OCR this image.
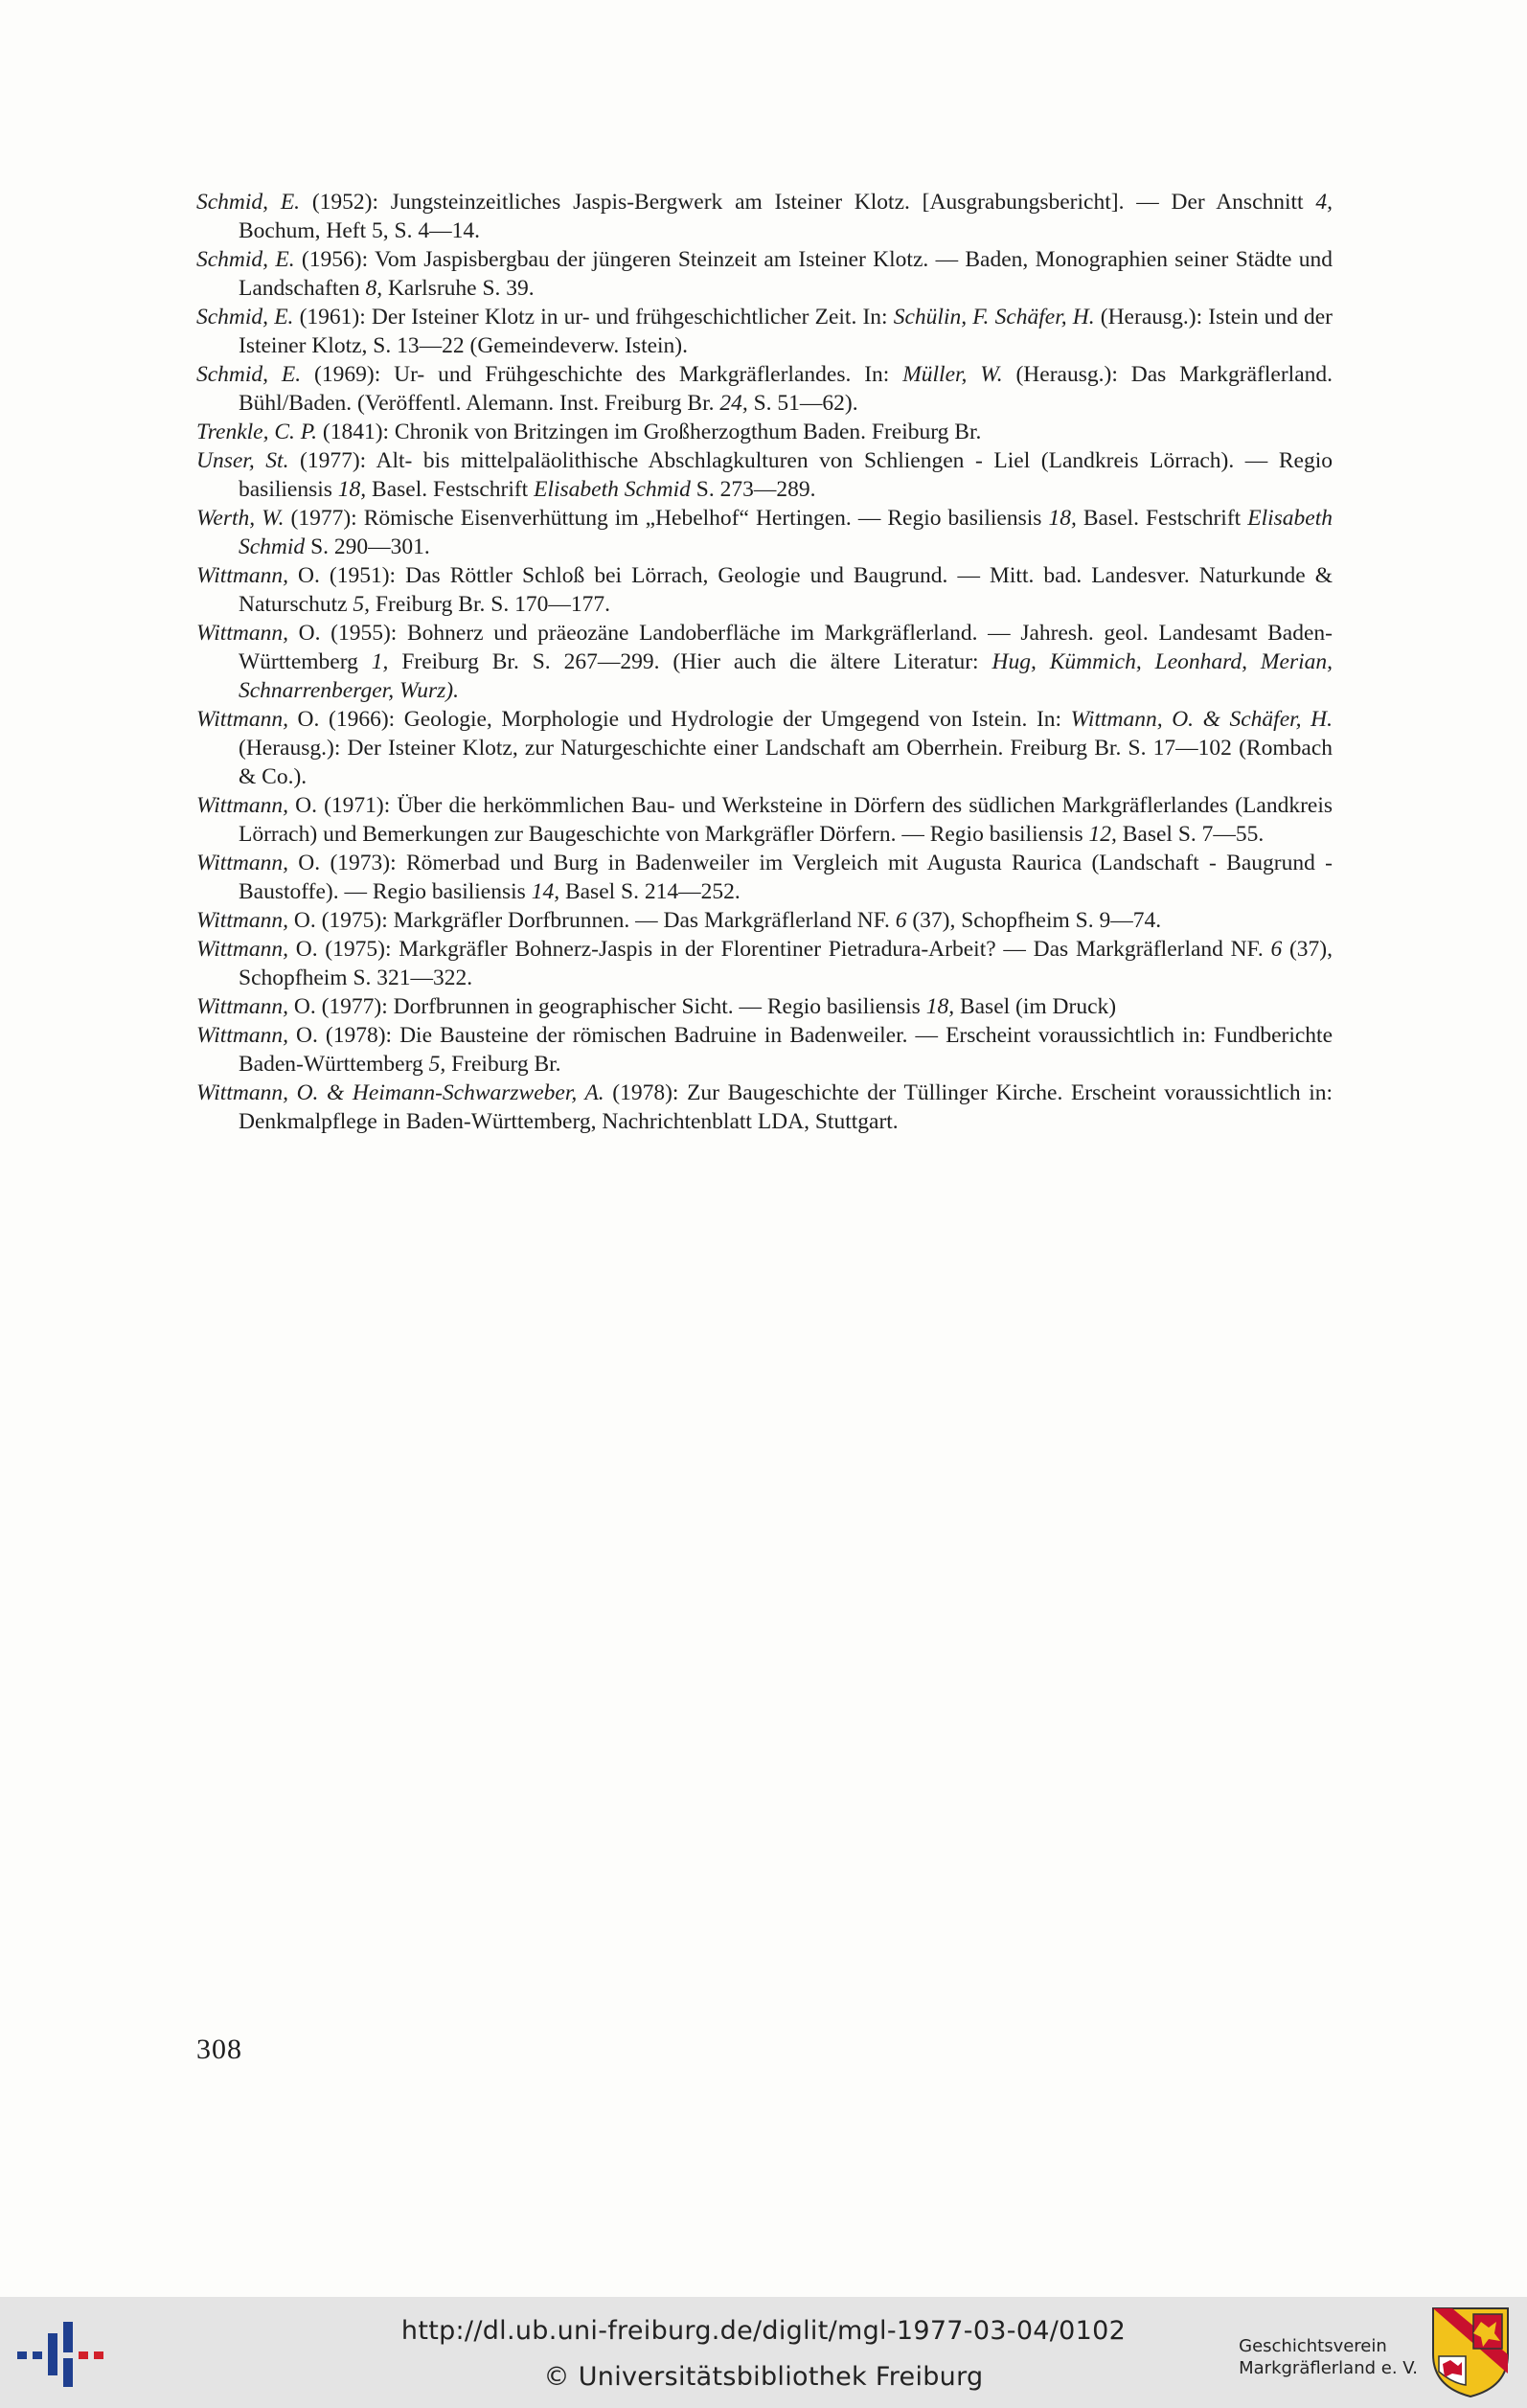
Schmid, E. (1952): Jungsteinzeitliches Jaspis-Bergwerk am Isteiner Klotz. [Ausgrabungsbericht]. — Der Anschnitt 4, Bochum, Heft 5, S. 4—14.

Schmid, E. (1956): Vom Jaspisbergbau der jüngeren Steinzeit am Isteiner Klotz. — Baden, Monographien seiner Städte und Landschaften 8, Karlsruhe S. 39.

Schmid, E. (1961): Der Isteiner Klotz in ur- und frühgeschichtlicher Zeit. In: Schülin, F. Schäfer, H. (Herausg.): Istein und der Isteiner Klotz, S. 13—22 (Gemeindeverw. Istein).

Schmid, E. (1969): Ur- und Frühgeschichte des Markgräflerlandes. In: Müller, W. (Herausg.): Das Markgräflerland. Bühl/Baden. (Veröffentl. Alemann. Inst. Freiburg Br. 24, S. 51—62).

Trenkle, C. P. (1841): Chronik von Britzingen im Großherzogthum Baden. Freiburg Br.

Unser, St. (1977): Alt- bis mittelpaläolithische Abschlagkulturen von Schliengen - Liel (Landkreis Lörrach). — Regio basiliensis 18, Basel. Festschrift Elisabeth Schmid S. 273—289.

Werth, W. (1977): Römische Eisenverhüttung im „Hebelhof“ Hertingen. — Regio basiliensis 18, Basel. Festschrift Elisabeth Schmid S. 290—301.

Wittmann, O. (1951): Das Röttler Schloß bei Lörrach, Geologie und Baugrund. — Mitt. bad. Landesver. Naturkunde & Naturschutz 5, Freiburg Br. S. 170—177.

Wittmann, O. (1955): Bohnerz und präeozäne Landoberfläche im Markgräflerland. — Jahresh. geol. Landesamt Baden-Württemberg 1, Freiburg Br. S. 267—299. (Hier auch die ältere Literatur: Hug, Kümmich, Leonhard, Merian, Schnarrenberger, Wurz).

Wittmann, O. (1966): Geologie, Morphologie und Hydrologie der Umgegend von Istein. In: Wittmann, O. & Schäfer, H. (Herausg.): Der Isteiner Klotz, zur Naturgeschichte einer Landschaft am Oberrhein. Freiburg Br. S. 17—102 (Rombach & Co.).

Wittmann, O. (1971): Über die herkömmlichen Bau- und Werksteine in Dörfern des südlichen Markgräflerlandes (Landkreis Lörrach) und Bemerkungen zur Baugeschichte von Markgräfler Dörfern. — Regio basiliensis 12, Basel S. 7—55.

Wittmann, O. (1973): Römerbad und Burg in Badenweiler im Vergleich mit Augusta Raurica (Landschaft - Baugrund - Baustoffe). — Regio basiliensis 14, Basel S. 214—252.

Wittmann, O. (1975): Markgräfler Dorfbrunnen. — Das Markgräflerland NF. 6 (37), Schopfheim S. 9—74.

Wittmann, O. (1975): Markgräfler Bohnerz-Jaspis in der Florentiner Pietradura-Arbeit? — Das Markgräflerland NF. 6 (37), Schopfheim S. 321—322.

Wittmann, O. (1977): Dorfbrunnen in geographischer Sicht. — Regio basiliensis 18, Basel (im Druck)

Wittmann, O. (1978): Die Bausteine der römischen Badruine in Badenweiler. — Erscheint voraussichtlich in: Fundberichte Baden-Württemberg 5, Freiburg Br.

Wittmann, O. & Heimann-Schwarzweber, A. (1978): Zur Baugeschichte der Tüllinger Kirche. Erscheint voraussichtlich in: Denkmalpflege in Baden-Württemberg, Nachrichtenblatt LDA, Stuttgart.

308
http://dl.ub.uni-freiburg.de/diglit/mgl-1977-03-04/0102
© Universitätsbibliothek Freiburg
Geschichtsverein
Markgräflerland e. V.
